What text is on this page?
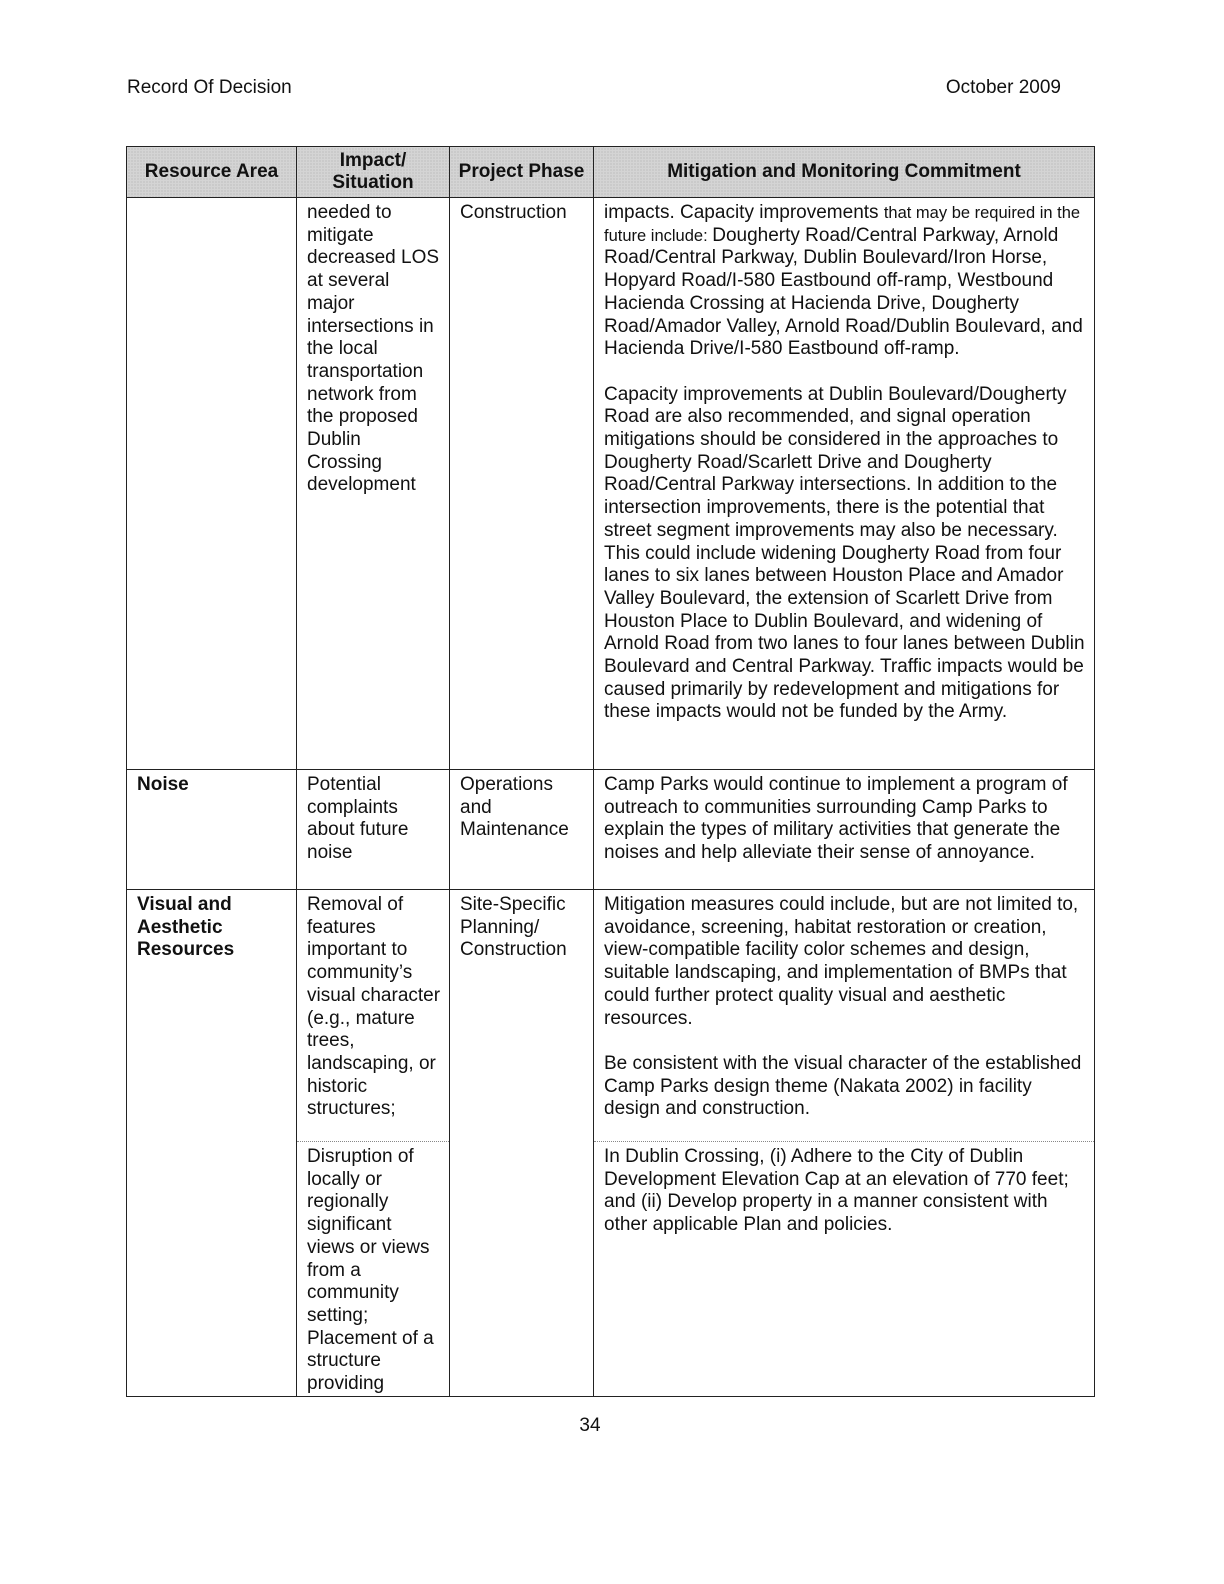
Record Of Decision	October 2009
Resource Area	Impact/ Situation	Project Phase	Mitigation and Monitoring Commitment
	needed to mitigate decreased LOS at several major intersections in the local transportation network from the proposed Dublin Crossing development	Construction	impacts. Capacity improvements that may be required in the future include: Dougherty Road/Central Parkway, Arnold Road/Central Parkway, Dublin Boulevard/Iron Horse, Hopyard Road/I-580 Eastbound off-ramp, Westbound Hacienda Crossing at Hacienda Drive, Dougherty Road/Amador Valley, Arnold Road/Dublin Boulevard, and Hacienda Drive/I-580 Eastbound off-ramp.
Capacity improvements at Dublin Boulevard/Dougherty Road are also recommended, and signal operation mitigations should be considered in the approaches to Dougherty Road/Scarlett Drive and Dougherty Road/Central Parkway intersections. In addition to the intersection improvements, there is the potential that street segment improvements may also be necessary. This could include widening Dougherty Road from four lanes to six lanes between Houston Place and Amador Valley Boulevard, the extension of Scarlett Drive from Houston Place to Dublin Boulevard, and widening of Arnold Road from two lanes to four lanes between Dublin Boulevard and Central Parkway. Traffic impacts would be caused primarily by redevelopment and mitigations for these impacts would not be funded by the Army.

Noise	Potential complaints about future noise	Operations and Maintenance	Camp Parks would continue to implement a program of outreach to communities surrounding Camp Parks to explain the types of military activities that generate the noises and help alleviate their sense of annoyance.
Visual and Aesthetic Resources	Removal of features important to community’s visual character (e.g., mature trees, landscaping, or historic structures;	Site-Specific Planning/ Construction	Mitigation measures could include, but are not limited to, avoidance, screening, habitat restoration or creation, view-compatible facility color schemes and design, suitable landscaping, and implementation of BMPs that could further protect quality visual and aesthetic resources.
Be consistent with the visual character of the established Camp Parks design theme (Nakata 2002) in facility design and construction.

	Disruption of locally or regionally significant views or views from a community setting; Placement of a structure providing		In Dublin Crossing, (i) Adhere to the City of Dublin Development Elevation Cap at an elevation of 770 feet; and (ii) Develop property in a manner consistent with other applicable Plan and policies.
34
